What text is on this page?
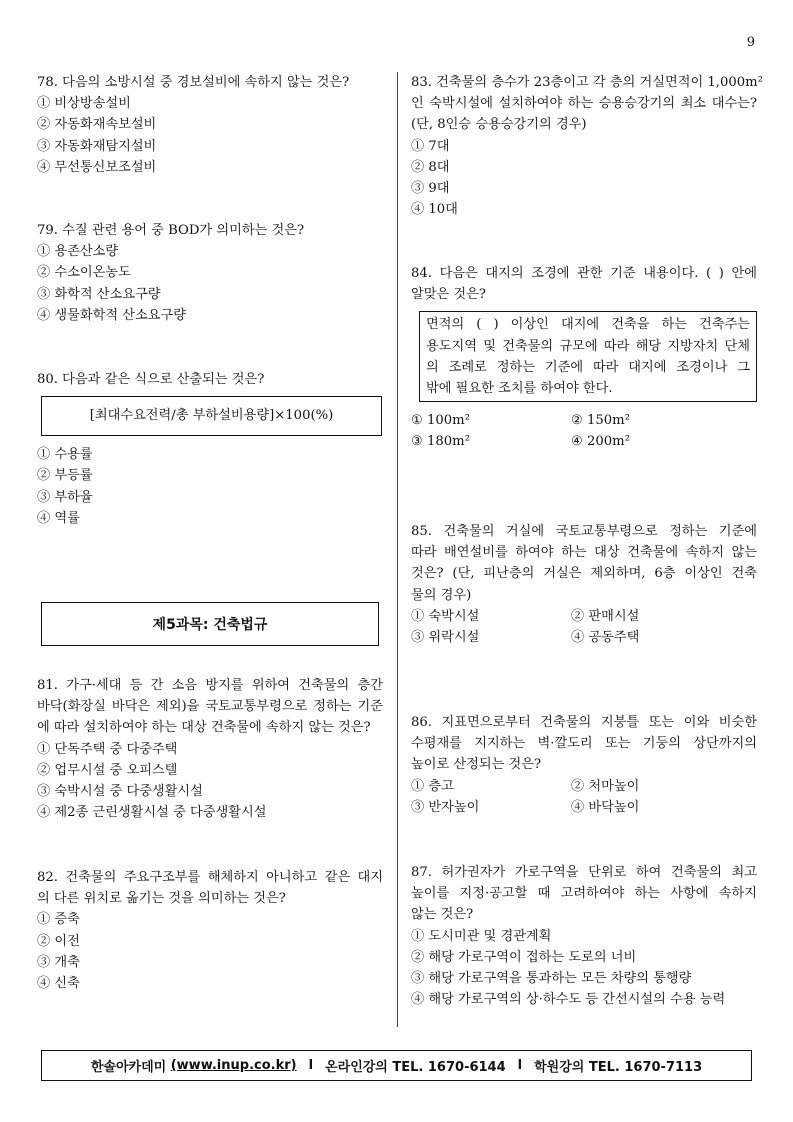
9
78. 다음의 소방시설 중 경보설비에 속하지 않는 것은?
① 비상방송설비
② 자동화재속보설비
③ 자동화재탐지설비
④ 무선통신보조설비
79. 수질 관련 용어 중 BOD가 의미하는 것은?
① 용존산소량
② 수소이온농도
③ 화학적 산소요구량
④ 생물화학적 산소요구량
80. 다음과 같은 식으로 산출되는 것은?
[최대수요전력/총 부하설비용량]×100(%)
① 수용률
② 부등률
③ 부하율
④ 역률
제5과목: 건축법규
81. 가구·세대 등 간 소음 방지를 위하여 건축물의 층간
바닥(화장실 바닥은 제외)을 국토교통부령으로 정하는 기준
에 따라 설치하여야 하는 대상 건축물에 속하지 않는 것은?
① 단독주택 중 다중주택
② 업무시설 중 오피스텔
③ 숙박시설 중 다중생활시설
④ 제2종 근린생활시설 중 다중생활시설
82. 건축물의 주요구조부를 해체하지 아니하고 같은 대지
의 다른 위치로 옮기는 것을 의미하는 것은?
① 증축
② 이전
③ 개축
④ 신축
83. 건축물의 층수가 23층이고 각 층의 거실면적이 1,000m²
인 숙박시설에 설치하여야 하는 승용승강기의 최소 대수는?
(단, 8인승 승용승강기의 경우)
① 7대
② 8대
③ 9대
④ 10대
84. 다음은 대지의 조경에 관한 기준 내용이다. ( ) 안에
알맞은 것은?
면적의 ( ) 이상인 대지에 건축을 하는 건축주는
용도지역 및 건축물의 규모에 따라 해당 지방자치 단체
의 조례로 정하는 기준에 따라 대지에 조경이나 그
밖에 필요한 조치를 하여야 한다.
① 100m²	② 150m²
③ 180m²	④ 200m²
85. 건축물의 거실에 국토교통부령으로 정하는 기준에
따라 배연설비를 하여야 하는 대상 건축물에 속하지 않는
것은? (단, 피난층의 거실은 제외하며, 6층 이상인 건축
물의 경우)
① 숙박시설	② 판매시설
③ 위락시설	④ 공동주택
86. 지표면으로부터 건축물의 지붕틀 또는 이와 비슷한
수평재를 지지하는 벽·깔도리 또는 기둥의 상단까지의
높이로 산정되는 것은?
① 층고	② 처마높이
③ 반자높이	④ 바닥높이
87. 허가권자가 가로구역을 단위로 하여 건축물의 최고
높이를 지정·공고할 때 고려하여야 하는 사항에 속하지
않는 것은?
① 도시미관 및 경관계획
② 해당 가로구역이 접하는 도로의 너비
③ 해당 가로구역을 통과하는 모든 차량의 통행량
④ 해당 가로구역의 상·하수도 등 간선시설의 수용 능력
한솔아카데미
(www.inup.co.kr) l 온라인강의 TEL. 1670-6144 l 학원강의 TEL. 1670-7113
